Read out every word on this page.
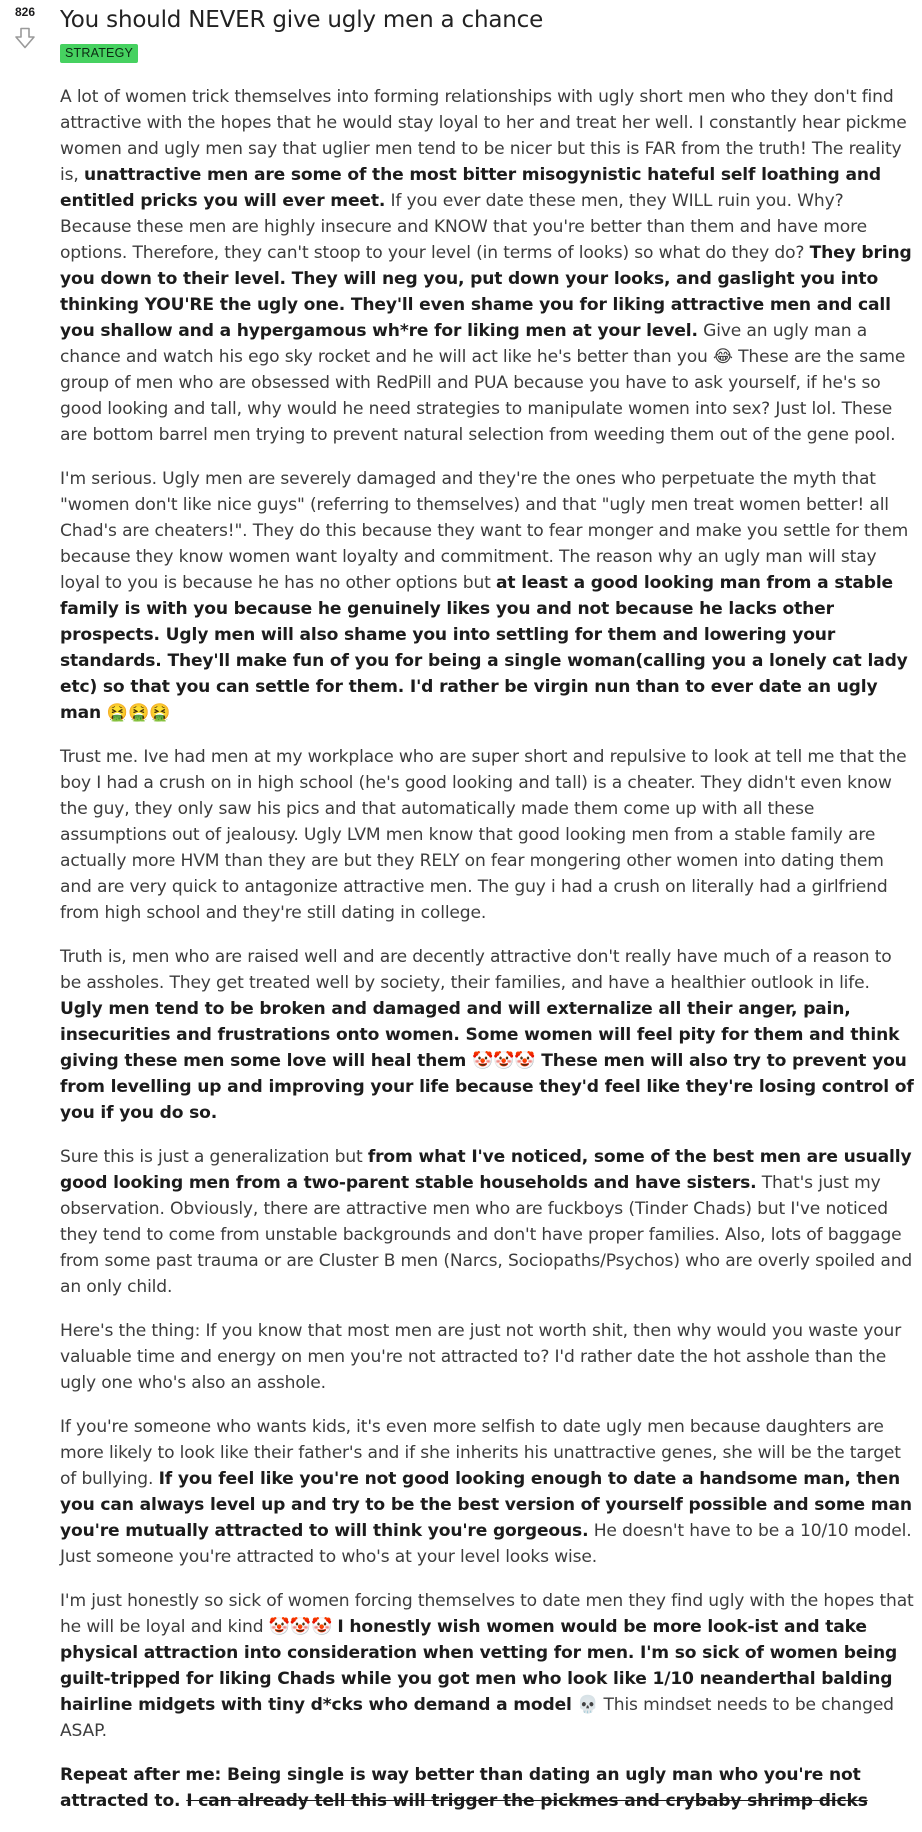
826	You should NEVER give ugly men a chance
STRATEGY

A lot of women trick themselves into forming relationships with ugly short men who they don't find attractive with the hopes that he would stay loyal to her and treat her well. I constantly hear pickme women and ugly men say that uglier men tend to be nicer but this is FAR from the truth! The reality is, unattractive men are some of the most bitter misogynistic hateful self loathing and entitled pricks you will ever meet. If you ever date these men, they WILL ruin you. Why? Because these men are highly insecure and KNOW that you're better than them and have more options. Therefore, they can't stoop to your level (in terms of looks) so what do they do? They bring you down to their level. They will neg you, put down your looks, and gaslight you into thinking YOU'RE the ugly one. They'll even shame you for liking attractive men and call you shallow and a hypergamous wh*re for liking men at your level. Give an ugly man a chance and watch his ego sky rocket and he will act like he's better than you 😂 These are the same group of men who are obsessed with RedPill and PUA because you have to ask yourself, if he's so good looking and tall, why would he need strategies to manipulate women into sex? Just lol. These are bottom barrel men trying to prevent natural selection from weeding them out of the gene pool.

I'm serious. Ugly men are severely damaged and they're the ones who perpetuate the myth that "women don't like nice guys" (referring to themselves) and that "ugly men treat women better! all Chad's are cheaters!". They do this because they want to fear monger and make you settle for them because they know women want loyalty and commitment. The reason why an ugly man will stay loyal to you is because he has no other options but at least a good looking man from a stable family is with you because he genuinely likes you and not because he lacks other prospects. Ugly men will also shame you into settling for them and lowering your standards. They'll make fun of you for being a single woman(calling you a lonely cat lady etc) so that you can settle for them. I'd rather be virgin nun than to ever date an ugly man 🤮🤮🤮

Trust me. Ive had men at my workplace who are super short and repulsive to look at tell me that the boy I had a crush on in high school (he's good looking and tall) is a cheater. They didn't even know the guy, they only saw his pics and that automatically made them come up with all these assumptions out of jealousy. Ugly LVM men know that good looking men from a stable family are actually more HVM than they are but they RELY on fear mongering other women into dating them and are very quick to antagonize attractive men. The guy i had a crush on literally had a girlfriend from high school and they're still dating in college.

Truth is, men who are raised well and are decently attractive don't really have much of a reason to be assholes. They get treated well by society, their families, and have a healthier outlook in life. Ugly men tend to be broken and damaged and will externalize all their anger, pain, insecurities and frustrations onto women. Some women will feel pity for them and think giving these men some love will heal them 🤡🤡🤡 These men will also try to prevent you from levelling up and improving your life because they'd feel like they're losing control of you if you do so.

Sure this is just a generalization but from what I've noticed, some of the best men are usually good looking men from a two-parent stable households and have sisters. That's just my observation. Obviously, there are attractive men who are fuckboys (Tinder Chads) but I've noticed they tend to come from unstable backgrounds and don't have proper families. Also, lots of baggage from some past trauma or are Cluster B men (Narcs, Sociopaths/Psychos) who are overly spoiled and an only child.

Here's the thing: If you know that most men are just not worth shit, then why would you waste your valuable time and energy on men you're not attracted to? I'd rather date the hot asshole than the ugly one who's also an asshole.

If you're someone who wants kids, it's even more selfish to date ugly men because daughters are more likely to look like their father's and if she inherits his unattractive genes, she will be the target of bullying. If you feel like you're not good looking enough to date a handsome man, then you can always level up and try to be the best version of yourself possible and some man you're mutually attracted to will think you're gorgeous. He doesn't have to be a 10/10 model. Just someone you're attracted to who's at your level looks wise.

I'm just honestly so sick of women forcing themselves to date men they find ugly with the hopes that he will be loyal and kind 🤡🤡🤡 I honestly wish women would be more look-ist and take physical attraction into consideration when vetting for men. I'm so sick of women being guilt-tripped for liking Chads while you got men who look like 1/10 neanderthal balding hairline midgets with tiny d*cks who demand a model 💀 This mindset needs to be changed ASAP.

Repeat after me: Being single is way better than dating an ugly man who you're not attracted to. I can already tell this will trigger the pickmes and crybaby shrimp dicks
